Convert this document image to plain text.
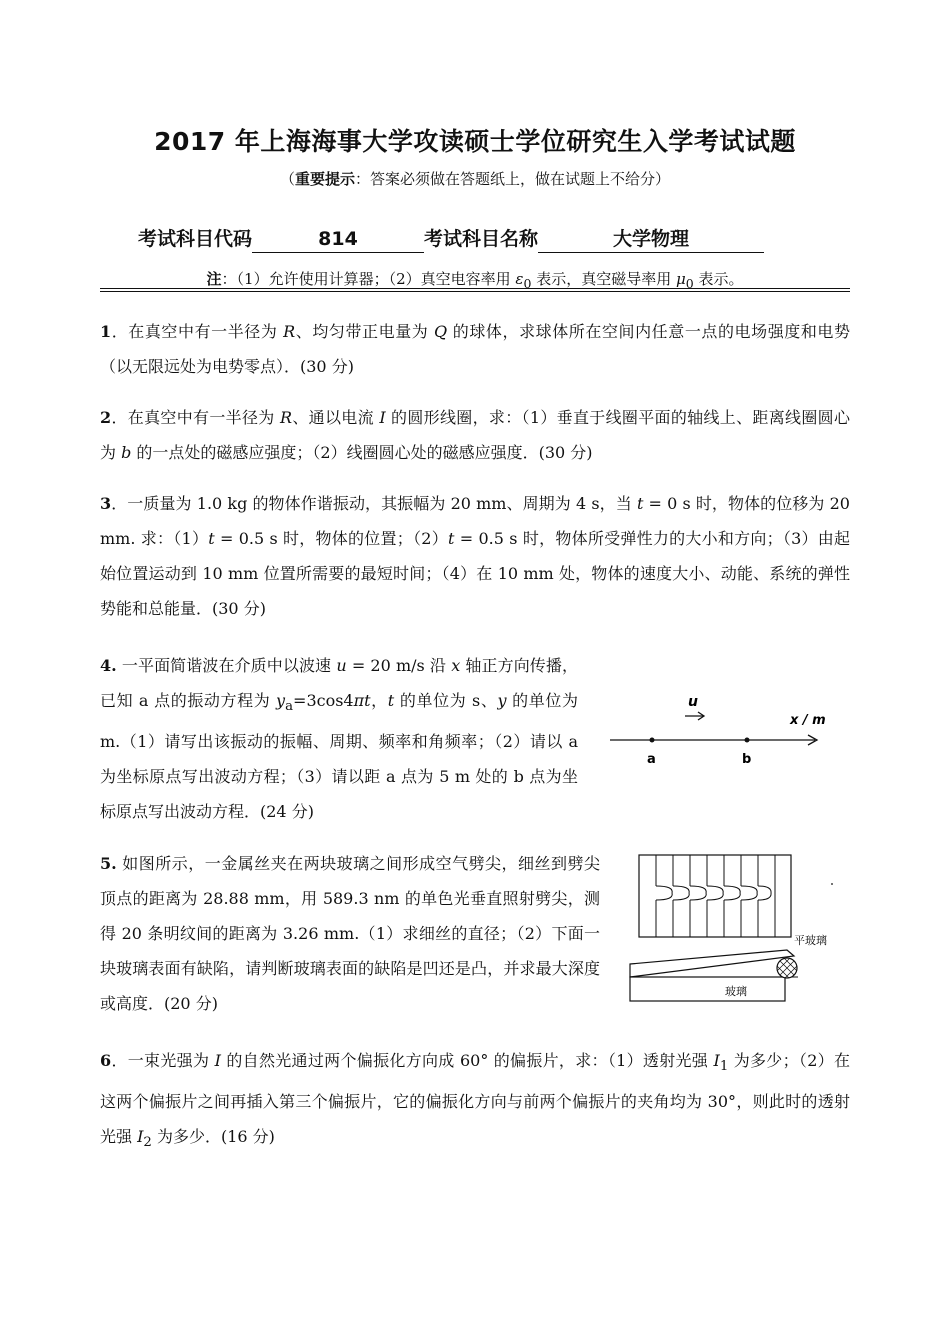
2017 年上海海事大学攻读硕士学位研究生入学考试试题
（重要提示：答案必须做在答题纸上，做在试题上不给分）
考试科目代码	814	考试科目名称	大学物理
注：（1）允许使用计算器；（2）真空电容率用 $\varepsilon_0$ 表示，真空磁导率用 $\mu_0$ 表示。
1．在真空中有一半径为 R、均匀带正电量为 Q 的球体，求球体所在空间内任意一点的电场强度和电势（以无限远处为电势零点）．(30 分)
2．在真空中有一半径为 R、通以电流 I 的圆形线圈，求：（1）垂直于线圈平面的轴线上、距离线圈圆心为 b 的一点处的磁感应强度；（2）线圈圆心处的磁感应强度．(30 分)
3．一质量为 1.0 kg 的物体作谐振动，其振幅为 20 mm、周期为 4 s，当 t = 0 s 时，物体的位移为 20 mm. 求：（1）t = 0.5 s 时，物体的位置；（2）t = 0.5 s 时，物体所受弹性力的大小和方向；（3）由起始位置运动到 10 mm 位置所需要的最短时间；（4）在 10 mm 处，物体的速度大小、动能、系统的弹性势能和总能量．(30 分)
4. 一平面简谐波在介质中以波速 u = 20 m/s 沿 x 轴正方向传播，已知 a 点的振动方程为 $y_a=3\cos 4\pi t$，t 的单位为 s、y 的单位为 m.（1）请写出该振动的振幅、周期、频率和角频率；（2）请以 a 为坐标原点写出波动方程；（3）请以距 a 点为 5 m 处的 b 点为坐标原点写出波动方程．(24 分)
u
x / m
a	b
5. 如图所示，一金属丝夹在两块玻璃之间形成空气劈尖，细丝到劈尖顶点的距离为 28.88 mm，用 589.3 nm 的单色光垂直照射劈尖，测得 20 条明纹间的距离为 3.26 mm.（1）求细丝的直径；（2）下面一块玻璃表面有缺陷，请判断玻璃表面的缺陷是凹还是凸，并求最大深度或高度．(20 分)
平玻璃
玻璃
6．一束光强为 I 的自然光通过两个偏振化方向成 60° 的偏振片，求：（1）透射光强 $I_1$ 为多少；（2）在这两个偏振片之间再插入第三个偏振片，它的偏振化方向与前两个偏振片的夹角均为 30°，则此时的透射光强 $I_2$ 为多少．(16 分)
